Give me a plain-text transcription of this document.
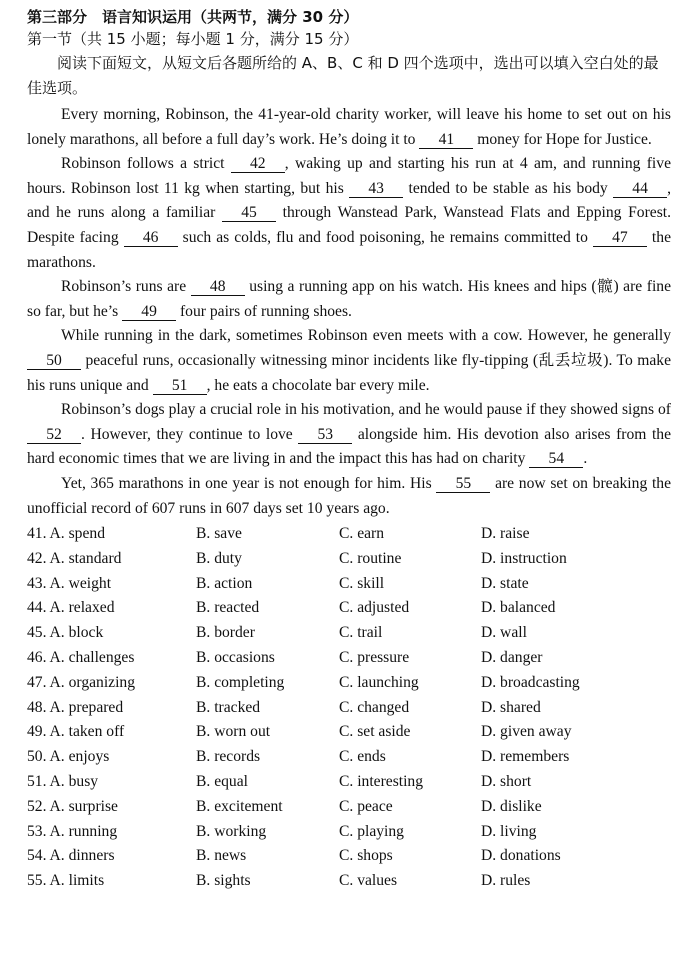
第三部分　语言知识运用（共两节，满分 30 分）
第一节（共 15 小题；每小题 1 分，满分 15 分）

阅读下面短文，从短文后各题所给的 A、B、C 和 D 四个选项中，选出可以填入空白处的最佳选项。

Every morning, Robinson, the 41-year-old charity worker, will leave his home to set out on his lonely marathons, all before a full day’s work. He’s doing it to 41 money for Hope for Justice.

Robinson follows a strict 42 , waking up and starting his run at 4 am, and running five hours. Robinson lost 11 kg when starting, but his 43 tended to be stable as his body 44 , and he runs along a familiar 45 through Wanstead Park, Wanstead Flats and Epping Forest. Despite facing 46 such as colds, flu and food poisoning, he remains committed to 47 the marathons.

Robinson’s runs are 48 using a running app on his watch. His knees and hips (髋) are fine so far, but he’s 49 four pairs of running shoes.

While running in the dark, sometimes Robinson even meets with a cow. However, he generally 50 peaceful runs, occasionally witnessing minor incidents like fly-tipping (乱丢垃圾). To make his runs unique and 51 , he eats a chocolate bar every mile.

Robinson’s dogs play a crucial role in his motivation, and he would pause if they showed signs of 52 . However, they continue to love 53 alongside him. His devotion also arises from the hard economic times that we are living in and the impact this has had on charity 54 .

Yet, 365 marathons in one year is not enough for him. His 55 are now set on breaking the unofficial record of 607 runs in 607 days set 10 years ago.

41. A. spend	B. save	C. earn	D. raise
42. A. standard	B. duty	C. routine	D. instruction
43. A. weight	B. action	C. skill	D. state
44. A. relaxed	B. reacted	C. adjusted	D. balanced
45. A. block	B. border	C. trail	D. wall
46. A. challenges	B. occasions	C. pressure	D. danger
47. A. organizing	B. completing	C. launching	D. broadcasting
48. A. prepared	B. tracked	C. changed	D. shared
49. A. taken off	B. worn out	C. set aside	D. given away
50. A. enjoys	B. records	C. ends	D. remembers
51. A. busy	B. equal	C. interesting	D. short
52. A. surprise	B. excitement	C. peace	D. dislike
53. A. running	B. working	C. playing	D. living
54. A. dinners	B. news	C. shops	D. donations
55. A. limits	B. sights	C. values	D. rules
